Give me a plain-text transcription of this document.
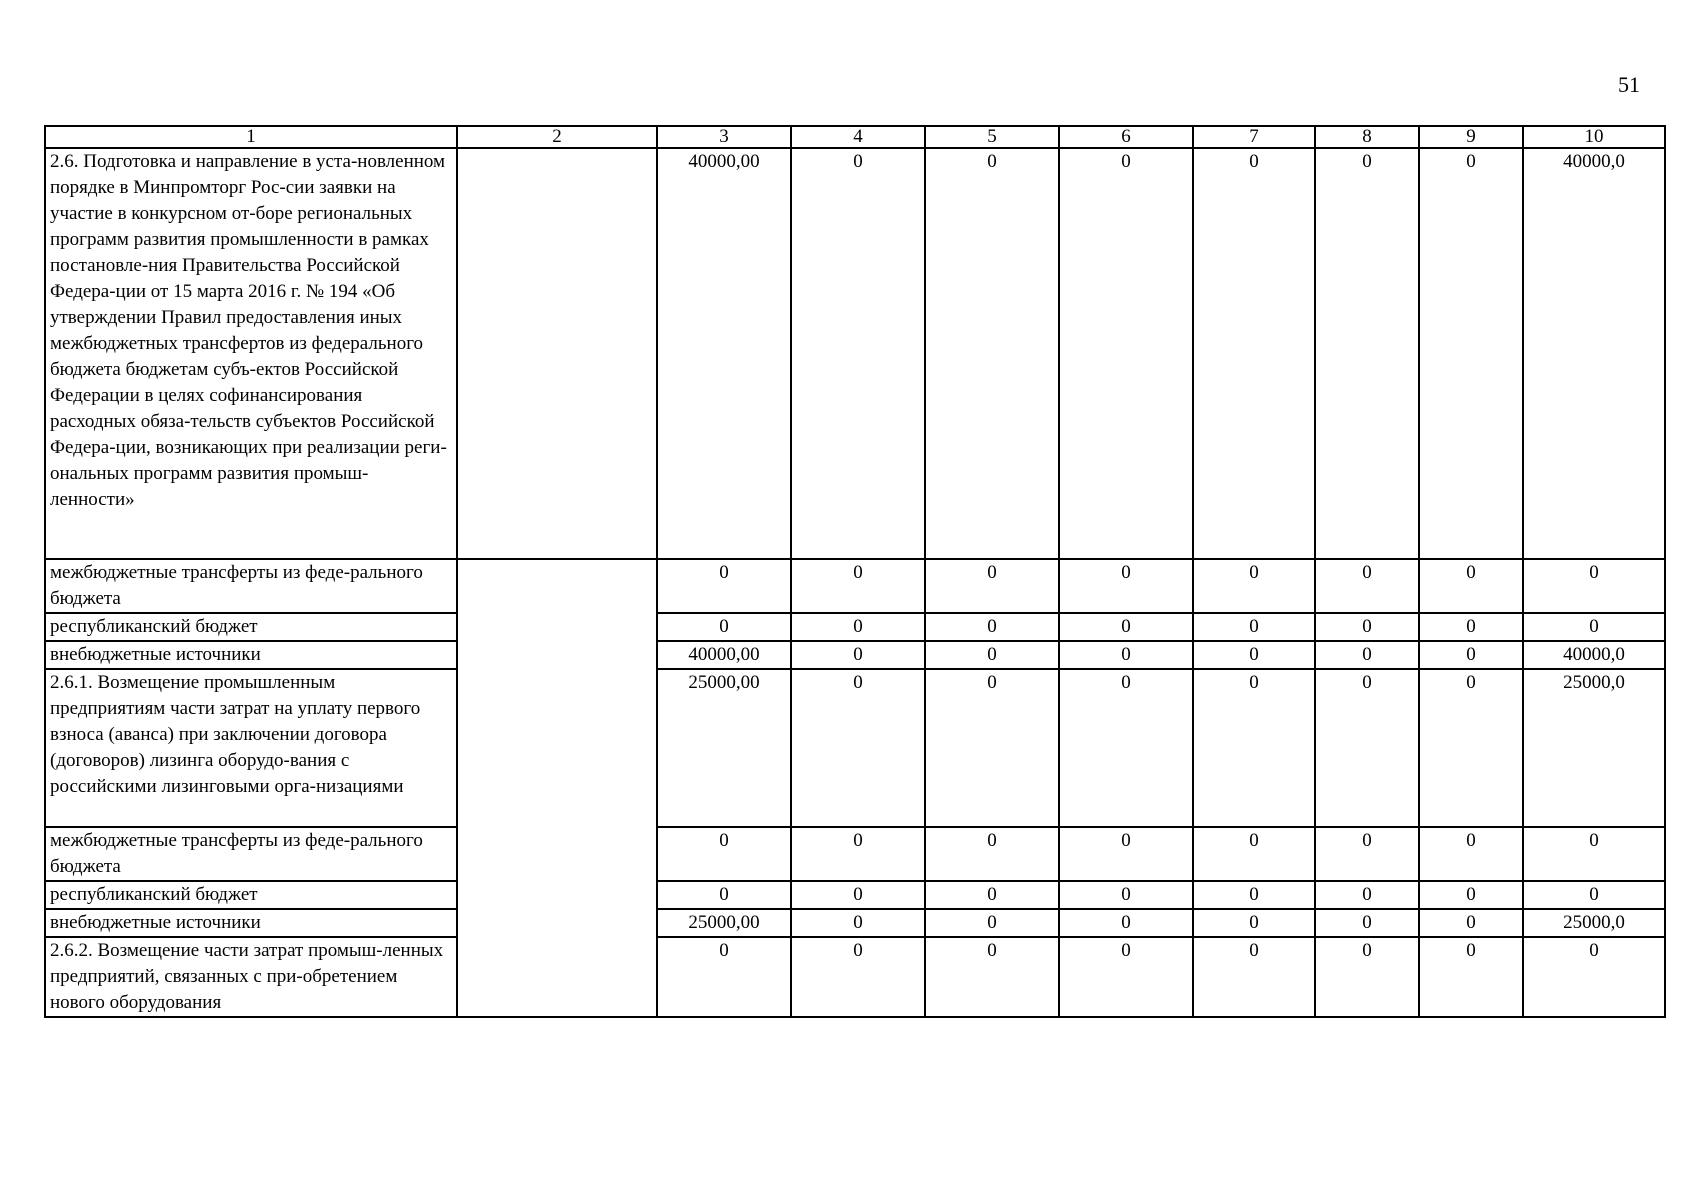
51
1	2	3	4	5	6	7	8	9	10
2.6. Подготовка и направление в уста-новленном порядке в Минпромторг Рос-сии заявки на участие в конкурсном от-боре региональных программ развития промышленности в рамках постановле-ния Правительства Российской Федера-ции от 15 марта 2016 г. № 194 «Об утверждении Правил предоставления иных межбюджетных трансфертов из федерального бюджета бюджетам субъ-ектов Российской Федерации в целях софинансирования расходных обяза-тельств субъектов Российской Федера-ции, возникающих при реализации реги-ональных программ развития промыш-ленности»		40000,00	0	0	0	0	0	0	40000,0
межбюджетные трансферты из феде-рального бюджета		0	0	0	0	0	0	0	0
республиканский бюджет		0	0	0	0	0	0	0	0
внебюджетные источники		40000,00	0	0	0	0	0	0	40000,0
2.6.1. Возмещение промышленным предприятиям части затрат на уплату первого взноса (аванса) при заключении договора (договоров) лизинга оборудо-вания с российскими лизинговыми орга-низациями		25000,00	0	0	0	0	0	0	25000,0
межбюджетные трансферты из феде-рального бюджета		0	0	0	0	0	0	0	0
республиканский бюджет		0	0	0	0	0	0	0	0
внебюджетные источники		25000,00	0	0	0	0	0	0	25000,0
2.6.2. Возмещение части затрат промыш-ленных предприятий, связанных с при-обретением нового оборудования		0	0	0	0	0	0	0	0
